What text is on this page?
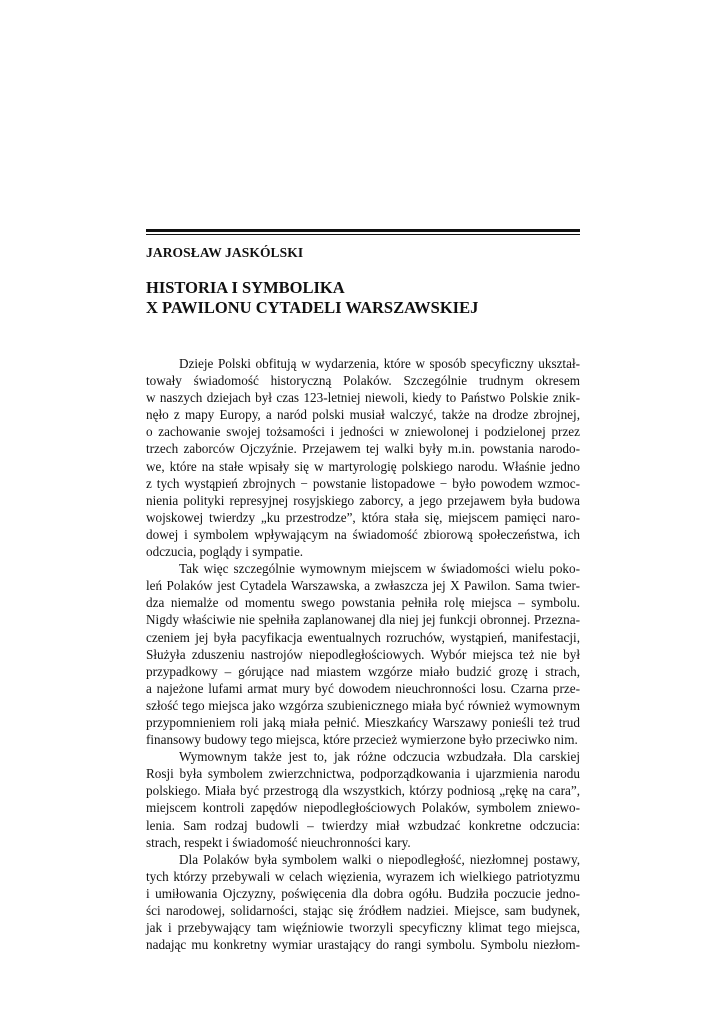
JAROSŁAW JASKÓLSKI
HISTORIA I SYMBOLIKA
X PAWILONU CYTADELI WARSZAWSKIEJ
Dzieje Polski obfitują w wydarzenia, które w sposób specyficzny ukształ-
towały świadomość historyczną Polaków. Szczególnie trudnym okresem
w naszych dziejach był czas 123-letniej niewoli, kiedy to Państwo Polskie znik-
nęło z mapy Europy, a naród polski musiał walczyć, także na drodze zbrojnej,
o zachowanie swojej tożsamości i jedności w zniewolonej i podzielonej przez
trzech zaborców Ojczyźnie. Przejawem tej walki były m.in. powstania narodo-
we, które na stałe wpisały się w martyrologię polskiego narodu. Właśnie jedno
z tych wystąpień zbrojnych − powstanie listopadowe − było powodem wzmoc-
nienia polityki represyjnej rosyjskiego zaborcy, a jego przejawem była budowa
wojskowej twierdzy „ku przestrodze”, która stała się, miejscem pamięci naro-
dowej i symbolem wpływającym na świadomość zbiorową społeczeństwa, ich
odczucia, poglądy i sympatie.
Tak więc szczególnie wymownym miejscem w świadomości wielu poko-
leń Polaków jest Cytadela Warszawska, a zwłaszcza jej X Pawilon. Sama twier-
dza niemalże od momentu swego powstania pełniła rolę miejsca – symbolu.
Nigdy właściwie nie spełniła zaplanowanej dla niej jej funkcji obronnej. Przezna-
czeniem jej była pacyfikacja ewentualnych rozruchów, wystąpień, manifestacji,
Służyła zduszeniu nastrojów niepodległościowych. Wybór miejsca też nie był
przypadkowy – górujące nad miastem wzgórze miało budzić grozę i strach,
a najeżone lufami armat mury być dowodem nieuchronności losu. Czarna prze-
szłość tego miejsca jako wzgórza szubienicznego miała być również wymownym
przypomnieniem roli jaką miała pełnić. Mieszkańcy Warszawy ponieśli też trud
finansowy budowy tego miejsca, które przecież wymierzone było przeciwko nim.
Wymownym także jest to, jak różne odczucia wzbudzała. Dla carskiej
Rosji była symbolem zwierzchnictwa, podporządkowania i ujarzmienia narodu
polskiego. Miała być przestrogą dla wszystkich, którzy podniosą „rękę na cara”,
miejscem kontroli zapędów niepodległościowych Polaków, symbolem zniewo-
lenia. Sam rodzaj budowli – twierdzy miał wzbudzać konkretne odczucia:
strach, respekt i świadomość nieuchronności kary.
Dla Polaków była symbolem walki o niepodległość, niezłomnej postawy,
tych którzy przebywali w celach więzienia, wyrazem ich wielkiego patriotyzmu
i umiłowania Ojczyzny, poświęcenia dla dobra ogółu. Budziła poczucie jedno-
ści narodowej, solidarności, stając się źródłem nadziei. Miejsce, sam budynek,
jak i przebywający tam więźniowie tworzyli specyficzny klimat tego miejsca,
nadając mu konkretny wymiar urastający do rangi symbolu. Symbolu niezłom-
